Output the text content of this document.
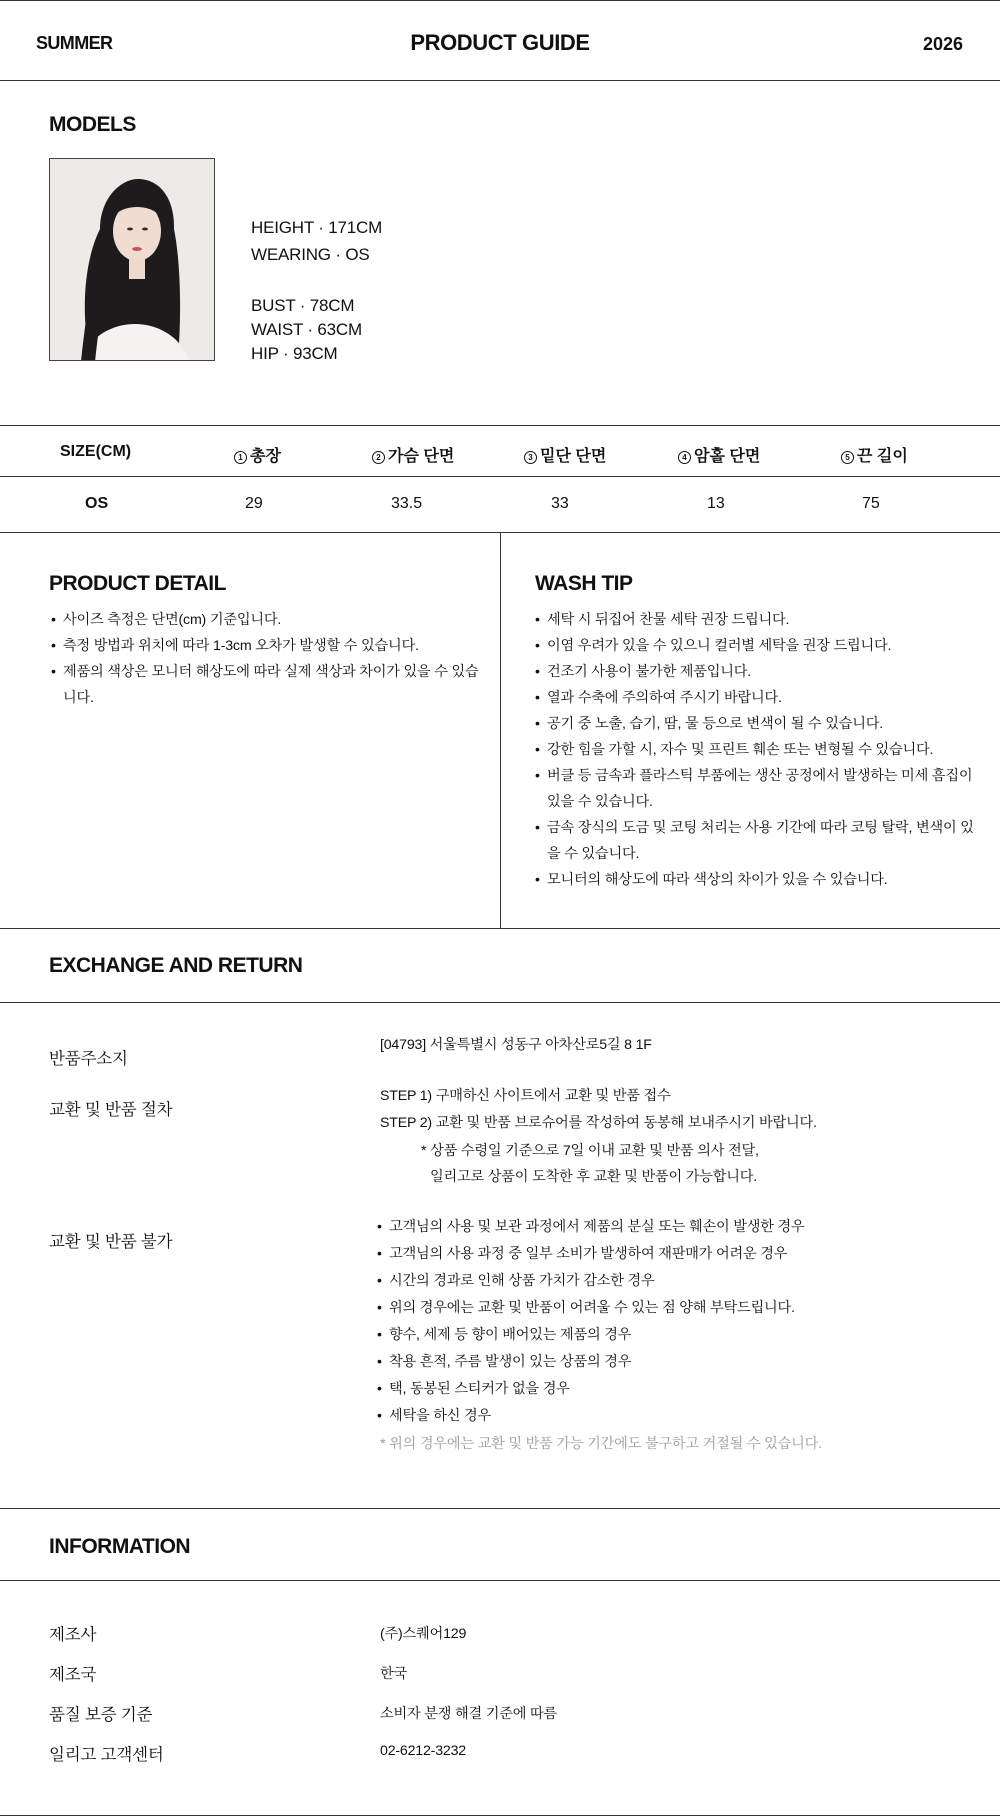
SUMMER	PRODUCT GUIDE	2026
MODELS
HEIGHT · 171CM
WEARING · OS
BUST · 78CM
WAIST · 63CM
HIP · 93CM
SIZE(CM)	1 총장	2 가슴 단면	3 밑단 단면	4 암홀 단면	5 끈 길이
OS	29	33.5	33	13	75
PRODUCT DETAIL
• 사이즈 측정은 단면(cm) 기준입니다.
• 측정 방법과 위치에 따라 1-3cm 오차가 발생할 수 있습니다.
• 제품의 색상은 모니터 해상도에 따라 실제 색상과 차이가 있을 수 있습니다.
WASH TIP
• 세탁 시 뒤집어 찬물 세탁 권장 드립니다.
• 이염 우려가 있을 수 있으니 컬러별 세탁을 권장 드립니다.
• 건조기 사용이 불가한 제품입니다.
• 열과 수축에 주의하여 주시기 바랍니다.
• 공기 중 노출, 습기, 땀, 물 등으로 변색이 될 수 있습니다.
• 강한 힘을 가할 시, 자수 및 프린트 훼손 또는 변형될 수 있습니다.
• 버클 등 금속과 플라스틱 부품에는 생산 공정에서 발생하는 미세 흠집이 있을 수 있습니다.
• 금속 장식의 도금 및 코팅 처리는 사용 기간에 따라 코팅 탈락, 변색이 있을 수 있습니다.
• 모니터의 해상도에 따라 색상의 차이가 있을 수 있습니다.
EXCHANGE AND RETURN
반품주소지
[04793] 서울특별시 성동구 아차산로5길 8 1F
교환 및 반품 절차
STEP 1) 구매하신 사이트에서 교환 및 반품 접수
STEP 2) 교환 및 반품 브로슈어를 작성하여 동봉해 보내주시기 바랍니다.
* 상품 수령일 기준으로 7일 이내 교환 및 반품 의사 전달,
일리고로 상품이 도착한 후 교환 및 반품이 가능합니다.
교환 및 반품 불가
• 고객님의 사용 및 보관 과정에서 제품의 분실 또는 훼손이 발생한 경우
• 고객님의 사용 과정 중 일부 소비가 발생하여 재판매가 어려운 경우
• 시간의 경과로 인해 상품 가치가 감소한 경우
• 위의 경우에는 교환 및 반품이 어려울 수 있는 점 양해 부탁드립니다.
• 향수, 세제 등 향이 배어있는 제품의 경우
• 착용 흔적, 주름 발생이 있는 상품의 경우
• 택, 동봉된 스티커가 없을 경우
• 세탁을 하신 경우
* 위의 경우에는 교환 및 반품 가능 기간에도 불구하고 거절될 수 있습니다.
INFORMATION
제조사	(주)스퀘어129
제조국	한국
품질 보증 기준	소비자 분쟁 해결 기준에 따름
일리고 고객센터	02-6212-3232
